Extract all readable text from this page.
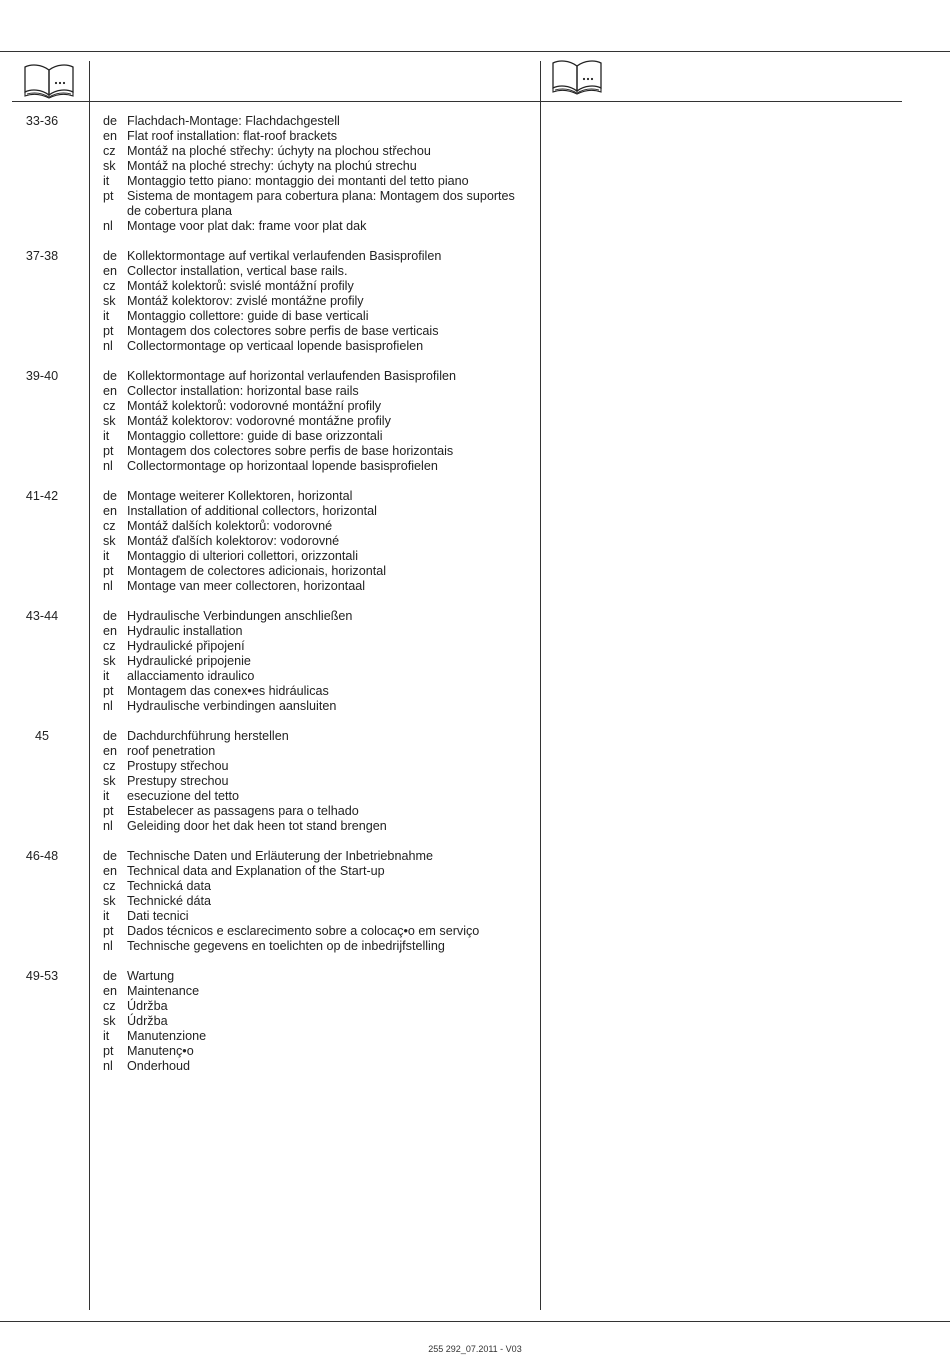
33-36	de Flachdach-Montage: Flachdachgestell
en Flat roof installation: flat-roof brackets
cz Montáž na ploché střechy: úchyty na plochou střechou
sk Montáž na ploché strechy: úchyty na plochú strechu
it	Montaggio tetto piano: montaggio dei montanti del tetto piano
pt	Sistema de montagem para cobertura plana: Montagem dos suportes de cobertura plana
nl	Montage voor plat dak: frame voor plat dak
37-38	de Kollektormontage auf vertikal verlaufenden Basisprofilen
en Collector installation, vertical base rails.
cz Montáž kolektorů: svislé montážní profily
sk Montáž kolektorov: zvislé montážne profily
it	Montaggio collettore: guide di base verticali
pt	Montagem dos colectores sobre perfis de base verticais
nl	Collectormontage op verticaal lopende basisprofielen
39-40	de Kollektormontage auf horizontal verlaufenden Basisprofilen
en Collector installation: horizontal base rails
cz Montáž kolektorů: vodorovné montážní profily
sk Montáž kolektorov: vodorovné montážne profily
it	Montaggio collettore: guide di base orizzontali
pt	Montagem dos colectores sobre perfis de base horizontais
nl	Collectormontage op horizontaal lopende basisprofielen
41-42	de Montage weiterer Kollektoren, horizontal
en Installation of additional collectors, horizontal
cz Montáž dalších kolektorů: vodorovné
sk Montáž ďalších kolektorov: vodorovné
it	Montaggio di ulteriori collettori, orizzontali
pt	Montagem de colectores adicionais, horizontal
nl	Montage van meer collectoren, horizontaal
43-44	de Hydraulische Verbindungen anschließen
en Hydraulic installation
cz Hydraulické připojení
sk Hydraulické pripojenie
it	allacciamento idraulico
pt	Montagem das conex•es hidráulicas
nl	Hydraulische verbindingen aansluiten
45	de Dachdurchführung herstellen
en roof penetration
cz Prostupy střechou
sk Prestupy strechou
it	esecuzione del tetto
pt	Estabelecer as passagens para o telhado
nl	Geleiding door het dak heen tot stand brengen
46-48	de Technische Daten und Erläuterung der Inbetriebnahme
en Technical data and Explanation of the Start-up
cz Technická data
sk Technické dáta
it	Dati tecnici
pt	Dados técnicos e esclarecimento sobre a colocaç•o em serviço
nl	Technische gegevens en toelichten op de inbedrijfstelling
49-53	de Wartung
en Maintenance
cz Údržba
sk Údržba
it	Manutenzione
pt	Manutenç•o
nl	Onderhoud
255 292_07.2011 - V03
